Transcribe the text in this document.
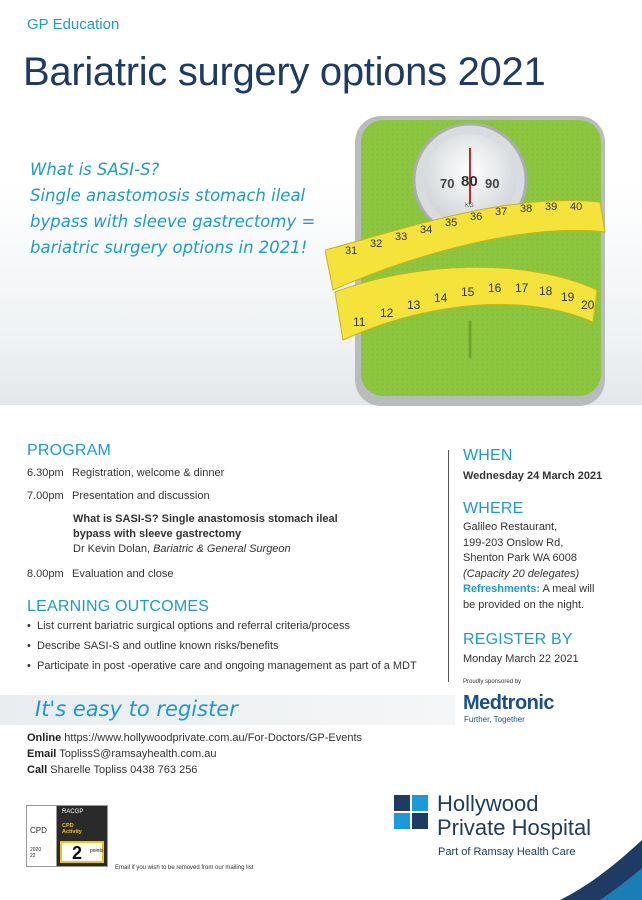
GP Education
Bariatric surgery options 2021
What is SASI-S?
Single anastomosis stomach ileal
bypass with sleeve gastrectomy =
bariatric surgery options in 2021!
70 80 90
KG
31
32
33
34
35 36 37 38 39 40
11
12
13 14 15 16 17 18 19
20
PROGRAM
6.30pm Registration, welcome & dinner
7.00pm Presentation and discussion
What is SASI-S? Single anastomosis stomach ileal
bypass with sleeve gastrectomy
Dr Kevin Dolan, Bariatric & General Surgeon
8.00pm Evaluation and close
LEARNING OUTCOMES
• List current bariatric surgical options and referral criteria/process
• Describe SASI-S and outline known risks/benefits
• Participate in post -operative care and ongoing management as part of a MDT
WHEN
Wednesday 24 March 2021
WHERE
Galileo Restaurant,
199-203 Onslow Rd,
Shenton Park WA 6008
(Capacity 20 delegates)
Refreshments: A meal will
be provided on the night.
REGISTER BY
Monday March 22 2021
Proudly sponsored by
Medtronic
Further, Together
It's easy to register
Online https://www.hollywoodprivate.com.au/For-Doctors/GP-Events
Email ToplissS@ramsayhealth.com.au
Call Sharelle Topliss 0438 763 256
CPD
2020
22
RACGP
CPD
Activity
2 points
Email if you wish to be removed from our mailing list
Hollywood
Private Hospital
Part of Ramsay Health Care
